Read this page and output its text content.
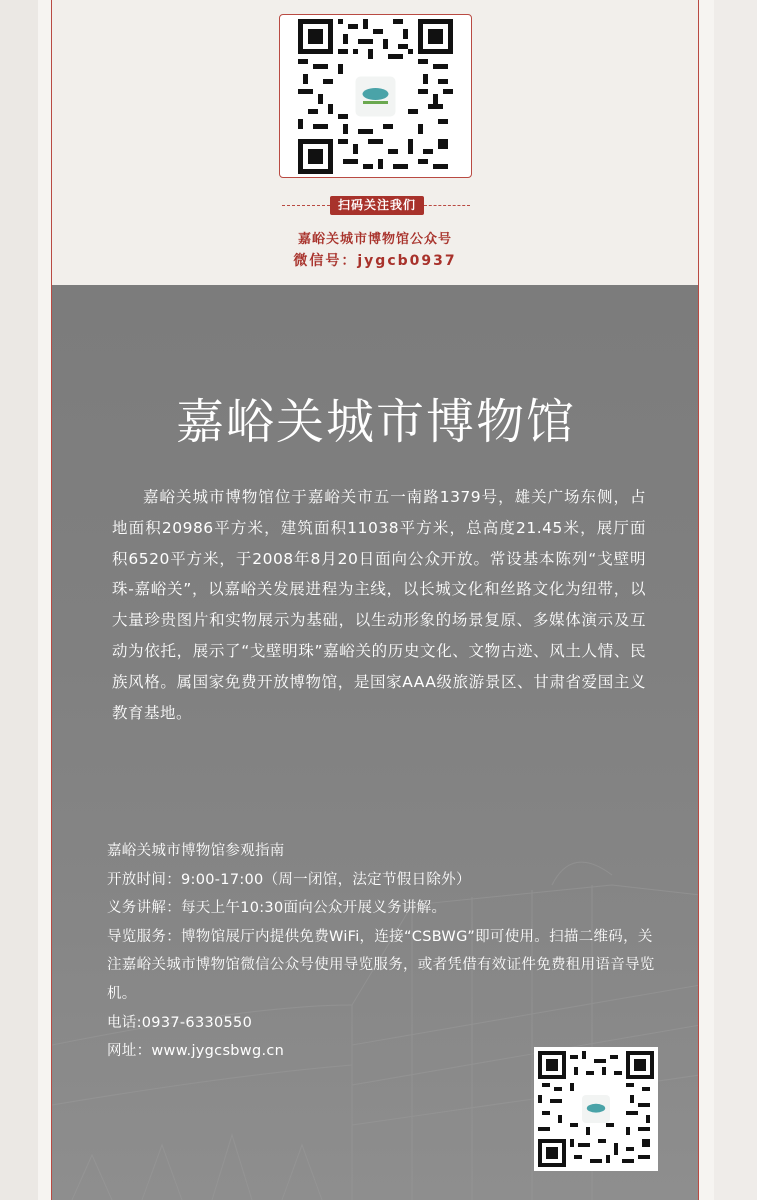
扫码关注我们
嘉峪关城市博物馆公众号
微信号：jygcb0937
嘉峪关城市博物馆
嘉峪关城市博物馆位于嘉峪关市五一南路1379号，雄关广场东侧，占地面积20986平方米，建筑面积11038平方米，总高度21.45米，展厅面积6520平方米，于2008年8月20日面向公众开放。常设基本陈列“戈壁明珠-嘉峪关”，以嘉峪关发展进程为主线，以长城文化和丝路文化为纽带，以大量珍贵图片和实物展示为基础，以生动形象的场景复原、多媒体演示及互动为依托，展示了“戈壁明珠”嘉峪关的历史文化、文物古迹、风土人情、民族风格。属国家免费开放博物馆，是国家AAA级旅游景区、甘肃省爱国主义教育基地。

嘉峪关城市博物馆参观指南

开放时间：9:00-17:00（周一闭馆，法定节假日除外）

义务讲解：每天上午10:30面向公众开展义务讲解。

导览服务：博物馆展厅内提供免费WiFi，连接“CSBWG”即可使用。扫描二维码，关注嘉峪关城市博物馆微信公众号使用导览服务，或者凭借有效证件免费租用语音导览机。

电话:0937-6330550

网址：www.jygcsbwg.cn
